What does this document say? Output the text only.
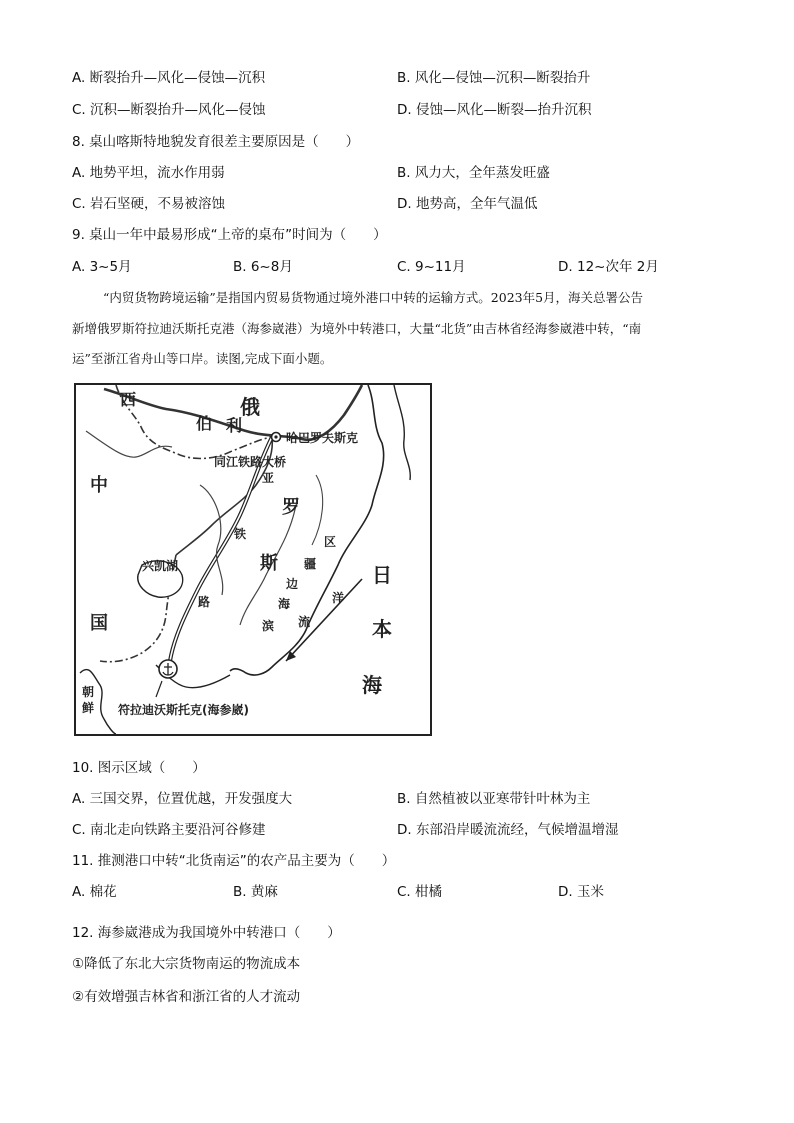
A. 断裂抬升—风化—侵蚀—沉积	B. 风化—侵蚀—沉积—断裂抬升
C. 沉积—断裂抬升—风化—侵蚀	D. 侵蚀—风化—断裂—抬升沉积
8. 桌山喀斯特地貌发育很差主要原因是（　　）
A. 地势平坦，流水作用弱	B. 风力大，全年蒸发旺盛
C. 岩石坚硬，不易被溶蚀	D. 地势高，全年气温低
9. 桌山一年中最易形成“上帝的桌布”时间为（　　）
A. 3~5月	B. 6~8月	C. 9~11月	D. 12~次年 2月
“内贸货物跨境运输”是指国内贸易货物通过境外港口中转的运输方式。2023年5月，海关总署公告
新增俄罗斯符拉迪沃斯托克港（海参崴港）为境外中转港口，大量“北货”由吉林省经海参崴港中转，“南
运”至浙江省舟山等口岸。读图,完成下面小题。
西
伯 利
俄
哈巴罗夫斯克
同江铁路大桥
亚
中
罗
铁
区
斯 疆
兴凯湖	日
边
洋
路	海
国	本
流
滨
海
朝
鲜 符拉迪沃斯托克(海参崴)
10. 图示区域（　　）
A. 三国交界，位置优越，开发强度大	B. 自然植被以亚寒带针叶林为主
C. 南北走向铁路主要沿河谷修建	D. 东部沿岸暖流流经，气候增温增湿
11. 推测港口中转“北货南运”的农产品主要为（　　）
A. 棉花	B. 黄麻	C. 柑橘	D. 玉米
12. 海参崴港成为我国境外中转港口（　　）
①降低了东北大宗货物南运的物流成本
②有效增强吉林省和浙江省的人才流动
